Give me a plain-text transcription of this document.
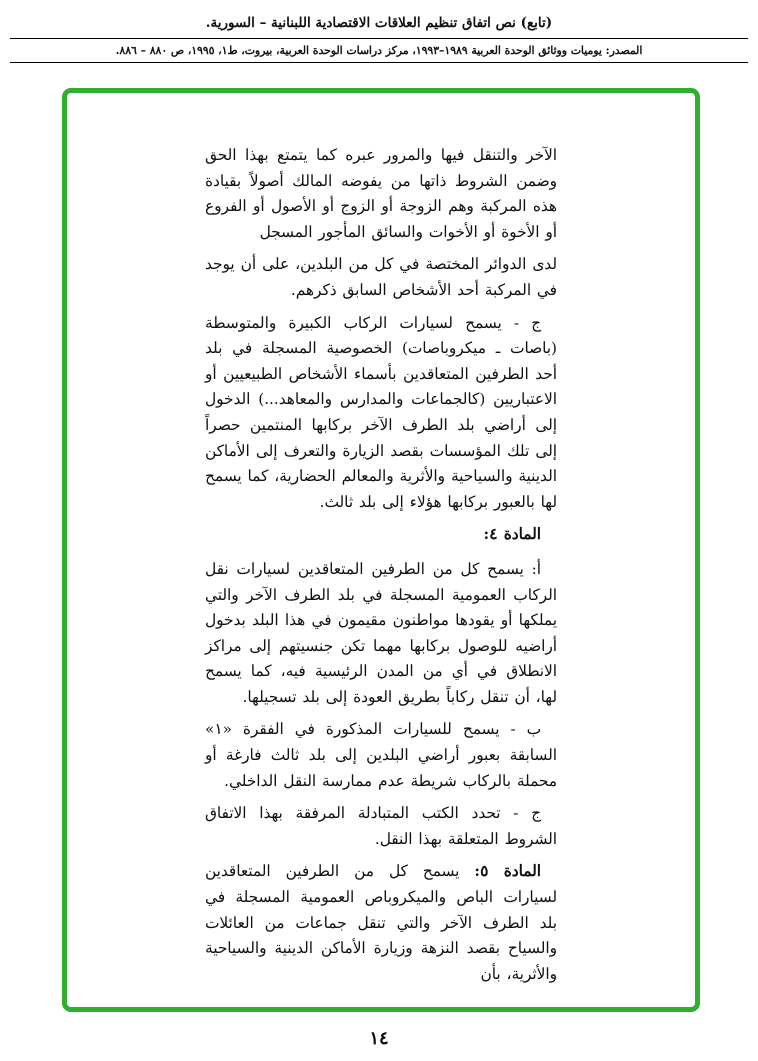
(تابع) نص اتفاق تنظيم العلاقات الاقتصادية اللبنانية – السورية.
المصدر: يوميات ووثائق الوحدة العربية ١٩٨٩–١٩٩٣، مركز دراسات الوحدة العربية، بيروت، ط١، ١٩٩٥، ص ٨٨٠ – ٨٨٦.

الآخر والتنقل فيها والمرور عبره كما يتمتع بهذا الحق وضمن الشروط ذاتها من يفوضه المالك أصولاً بقيادة هذه المركبة وهم الزوجة أو الزوج أو الأصول أو الفروع أو الأخوة أو الأخوات والسائق المأجور المسجل

لدى الدوائر المختصة في كل من البلدين، على أن يوجد في المركبة أحد الأشخاص السابق ذكرهم.

ج - يسمح لسيارات الركاب الكبيرة والمتوسطة (باصات ـ ميكروباصات) الخصوصية المسجلة في بلد أحد الطرفين المتعاقدين بأسماء الأشخاص الطبيعيين أو الاعتباريين (كالجماعات والمدارس والمعاهد...) الدخول إلى أراضي بلد الطرف الآخر بركابها المنتمين حصراً إلى تلك المؤسسات بقصد الزيارة والتعرف إلى الأماكن الدينية والسياحية والأثرية والمعالم الحضارية، كما يسمح لها بالعبور بركابها هؤلاء إلى بلد ثالث.

المادة ٤:

أ: يسمح كل من الطرفين المتعاقدين لسيارات نقل الركاب العمومية المسجلة في بلد الطرف الآخر والتي يملكها أو يقودها مواطنون مقيمون في هذا البلد بدخول أراضيه للوصول بركابها مهما تكن جنسيتهم إلى مراكز الانطلاق في أي من المدن الرئيسية فيه، كما يسمح لها، أن تنقل ركاباً بطريق العودة إلى بلد تسجيلها.

ب - يسمح للسيارات المذكورة في الفقرة «١» السابقة بعبور أراضي البلدين إلى بلد ثالث فارغة أو محملة بالركاب شريطة عدم ممارسة النقل الداخلي.

ج - تحدد الكتب المتبادلة المرفقة بهذا الاتفاق الشروط المتعلقة بهذا النقل.

المادة ٥: يسمح كل من الطرفين المتعاقدين لسيارات الباص والميكروباص العمومية المسجلة في بلد الطرف الآخر والتي تنقل جماعات من العائلات والسياح بقصد النزهة وزيارة الأماكن الدينية والسياحية والأثرية، بأن

١٤
